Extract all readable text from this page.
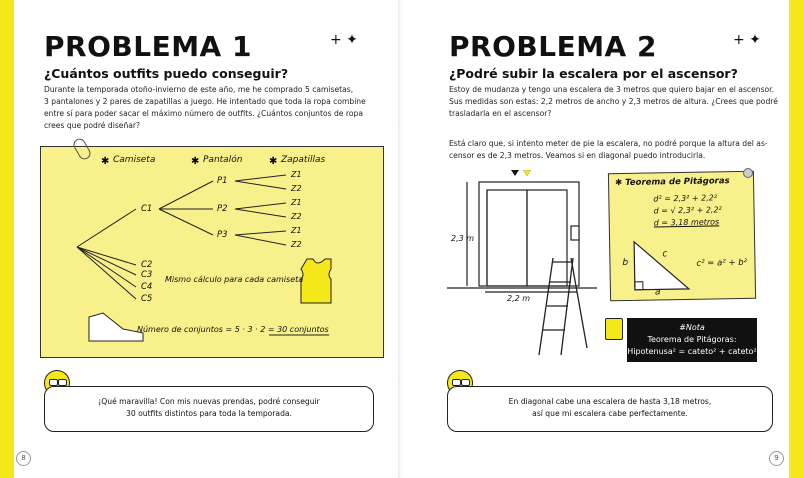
PROBLEMA 1	+ ✦
¿Cuántos outfits puedo conseguir?
Durante la temporada otoño-invierno de este año, me he comprado 5 camisetas,
3 pantalones y 2 pares de zapatillas a juego. He intentado que toda la ropa combine
entre sí para poder sacar el máximo número de outfits. ¿Cuántos conjuntos de ropa
crees que podré diseñar?
✱	✱	✱
Camiseta	Pantalón	Zapatillas
C1
C2
C3
C4
C5
P1
P2
P3
Z1
Z2
Z1
Z2
Z1
Z2
Mismo cálculo para cada camiseta
Número de conjuntos = 5 · 3 · 2 = 30 conjuntos
¡Qué maravilla! Con mis nuevas prendas, podré conseguir
30 outfits distintos para toda la temporada.
8
PROBLEMA 2	+ ✦
¿Podré subir la escalera por el ascensor?
Estoy de mudanza y tengo una escalera de 3 metros que quiero bajar en el ascensor.
Sus medidas son estas: 2,2 metros de ancho y 2,3 metros de altura. ¿Crees que podré
trasladarla en el ascensor?
Está claro que, si intento meter de pie la escalera, no podré porque la altura del as-
censor es de 2,3 metros. Veamos si en diagonal puedo introducirla.
2,3 m
2,2 m
✱ Teorema de Pitágoras
d² = 2,3² + 2,2²
d = √ 2,3² + 2,2²
d = 3,18 metros
b
c
a
c² = a² + b²
#Nota
Teorema de Pitágoras:
Hipotenusa² = cateto² + cateto²
En diagonal cabe una escalera de hasta 3,18 metros,
así que mi escalera cabe perfectamente.
9
